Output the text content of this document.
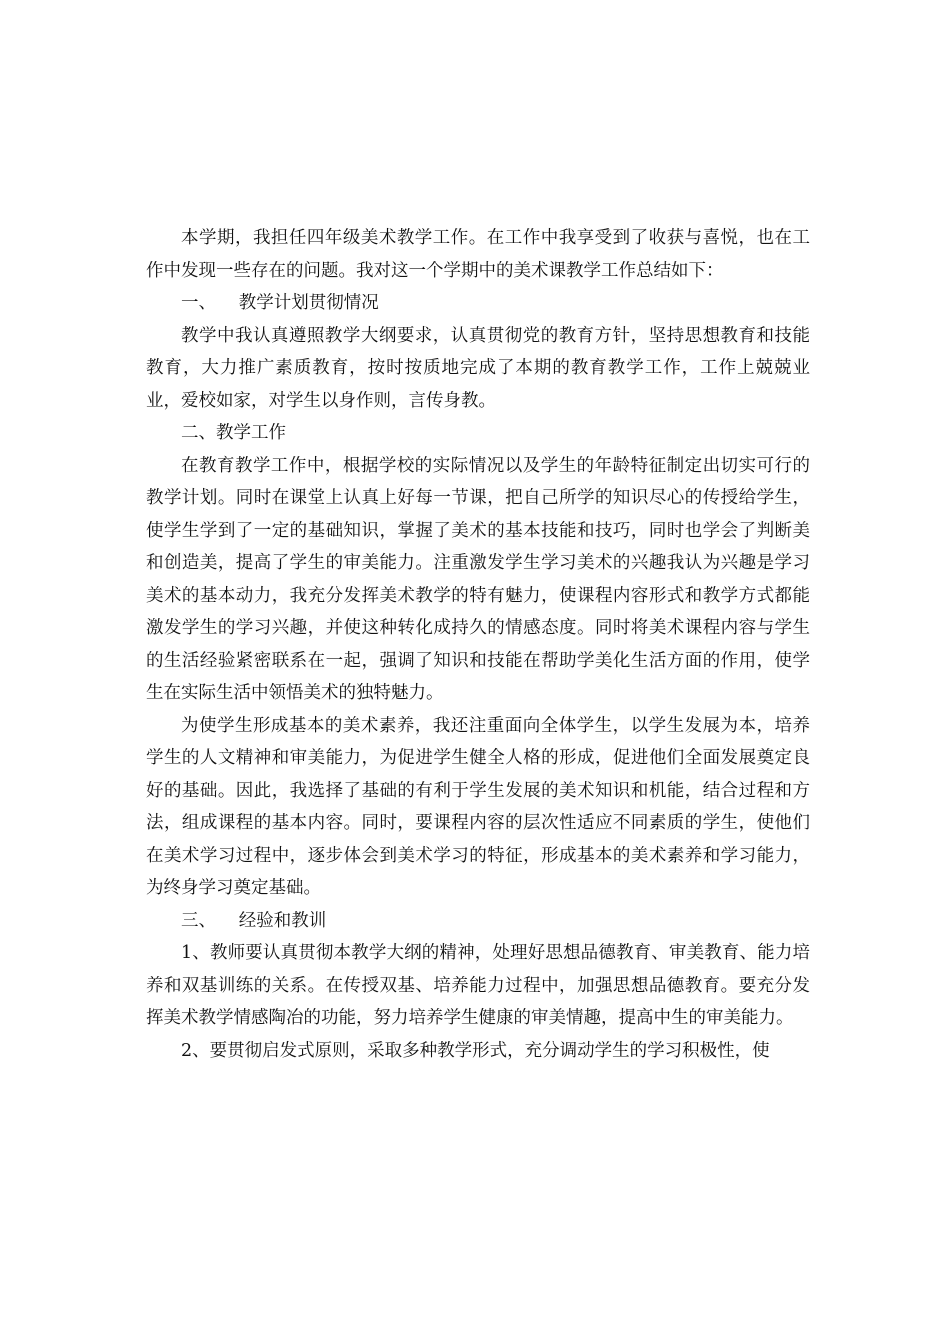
本学期，我担任四年级美术教学工作。在工作中我享受到了收获与喜悦，也在工作中发现一些存在的问题。我对这一个学期中的美术课教学工作总结如下：

一、 教学计划贯彻情况

教学中我认真遵照教学大纲要求，认真贯彻党的教育方针，坚持思想教育和技能教育，大力推广素质教育，按时按质地完成了本期的教育教学工作，工作上兢兢业业，爱校如家，对学生以身作则，言传身教。

二、教学工作

在教育教学工作中，根据学校的实际情况以及学生的年龄特征制定出切实可行的教学计划。同时在课堂上认真上好每一节课，把自己所学的知识尽心的传授给学生，使学生学到了一定的基础知识，掌握了美术的基本技能和技巧，同时也学会了判断美和创造美，提高了学生的审美能力。注重激发学生学习美术的兴趣我认为兴趣是学习美术的基本动力，我充分发挥美术教学的特有魅力，使课程内容形式和教学方式都能激发学生的学习兴趣，并使这种转化成持久的情感态度。同时将美术课程内容与学生的生活经验紧密联系在一起，强调了知识和技能在帮助学美化生活方面的作用，使学生在实际生活中领悟美术的独特魅力。

为使学生形成基本的美术素养，我还注重面向全体学生，以学生发展为本，培养学生的人文精神和审美能力，为促进学生健全人格的形成，促进他们全面发展奠定良好的基础。因此，我选择了基础的有利于学生发展的美术知识和机能，结合过程和方法，组成课程的基本内容。同时，要课程内容的层次性适应不同素质的学生，使他们在美术学习过程中，逐步体会到美术学习的特征，形成基本的美术素养和学习能力，为终身学习奠定基础。

三、 经验和教训

1、教师要认真贯彻本教学大纲的精神，处理好思想品德教育、审美教育、能力培养和双基训练的关系。在传授双基、培养能力过程中，加强思想品德教育。要充分发挥美术教学情感陶冶的功能，努力培养学生健康的审美情趣，提高中生的审美能力。

2、要贯彻启发式原则，采取多种教学形式，充分调动学生的学习积极性，使
